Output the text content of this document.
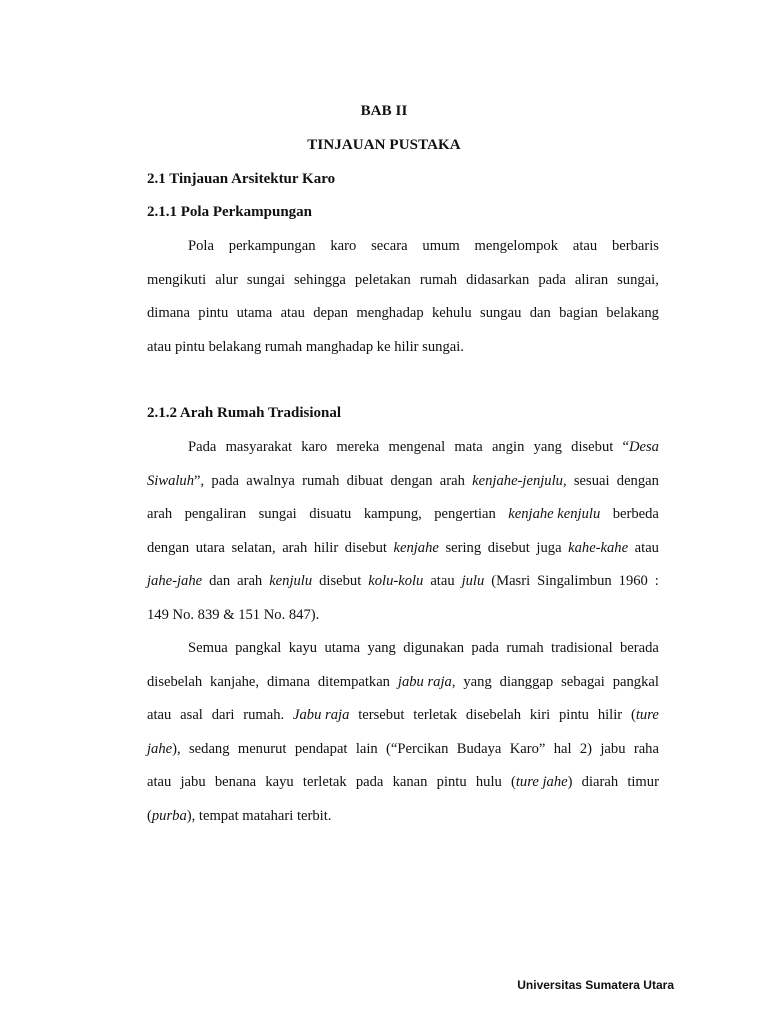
BAB II
TINJAUAN PUSTAKA
2.1 Tinjauan Arsitektur Karo
2.1.1 Pola Perkampungan
Pola perkampungan karo secara umum mengelompok atau berbaris
mengikuti alur sungai sehingga peletakan rumah didasarkan pada aliran sungai,
dimana pintu utama atau depan menghadap kehulu sungau dan bagian belakang
atau pintu belakang rumah manghadap ke hilir sungai.
2.1.2 Arah Rumah Tradisional
Pada masyarakat karo mereka mengenal mata angin yang disebut “Desa
Siwaluh”, pada awalnya rumah dibuat dengan arah kenjahe-jenjulu, sesuai dengan
arah pengaliran sungai disuatu kampung, pengertian kenjahe kenjulu berbeda
dengan utara selatan, arah hilir disebut kenjahe sering disebut juga kahe-kahe atau
jahe-jahe dan arah kenjulu disebut kolu-kolu atau julu (Masri Singalimbun 1960 :
149 No. 839 & 151 No. 847).
Semua pangkal kayu utama yang digunakan pada rumah tradisional berada
disebelah kanjahe, dimana ditempatkan jabu raja, yang dianggap sebagai pangkal
atau asal dari rumah. Jabu raja tersebut terletak disebelah kiri pintu hilir (ture
jahe), sedang menurut pendapat lain (“Percikan Budaya Karo” hal 2) jabu raha
atau jabu benana kayu terletak pada kanan pintu hulu (ture jahe) diarah timur
(purba), tempat matahari terbit.
Universitas Sumatera Utara
